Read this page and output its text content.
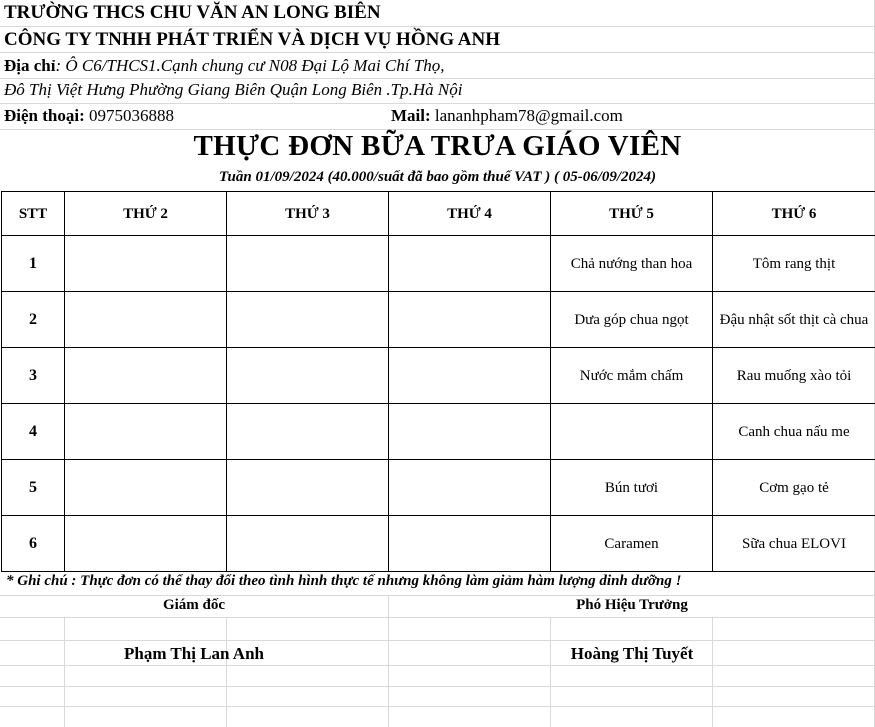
TRƯỜNG THCS CHU VĂN AN LONG BIÊN
CÔNG TY TNHH PHÁT TRIỂN VÀ DỊCH VỤ HỒNG ANH
Địa chỉ: Ô C6/THCS1.Cạnh chung cư N08 Đại Lộ Mai Chí Thọ,
Đô Thị Việt Hưng Phường Giang Biên Quận Long Biên .Tp.Hà Nội
Điện thoại: 0975036888	Mail: lananhpham78@gmail.com
THỰC ĐƠN BỮA TRƯA GIÁO VIÊN
Tuần 01/09/2024 (40.000/suất đã bao gồm thuế VAT ) ( 05-06/09/2024)
STT	THỨ 2	THỨ 3	THỨ 4	THỨ 5	THỨ 6
1				Chả nướng than hoa	Tôm rang thịt
2				Dưa góp chua ngọt	Đậu nhật sốt thịt cà chua
3				Nước mắm chấm	Rau muống xào tỏi
4					Canh chua nấu me
5				Bún tươi	Cơm gạo tẻ
6				Caramen	Sữa chua ELOVI
* Ghi chú : Thực đơn có thể thay đổi theo tình hình thực tế nhưng không làm giảm hàm lượng dinh dưỡng !
Giám đốc	Phó Hiệu Trưởng
Phạm Thị Lan Anh	Hoàng Thị Tuyết
